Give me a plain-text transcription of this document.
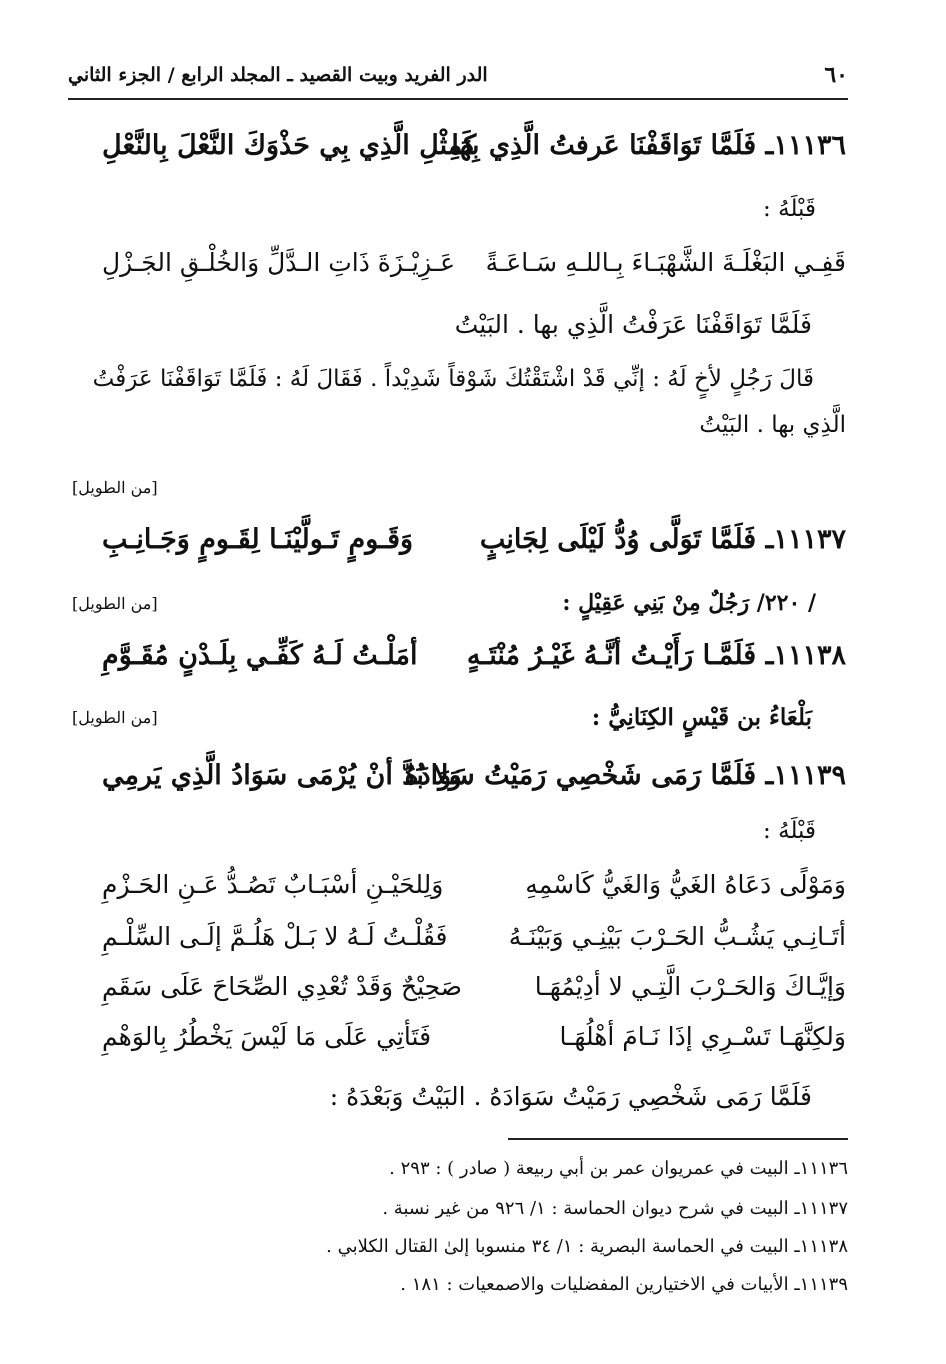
٦٠
الدر الفريد وبيت القصيد ـ المجلد الرابع / الجزء الثاني
١١١٣٦ـ فَلَمَّا تَوَاقَفْنَا عَرفتُ الَّذِي بِهَا
كَمِثْلِ الَّذِي بِي حَذْوَكَ النَّعْلَ بِالنَّعْلِ
قَبْلَهُ :
قَفِـي البَغْلَـةَ الشَّهْبَـاءَ بِـاللـهِ سَـاعَـةً
عَـزِيْـزَةَ ذَاتِ الـدَّلِّ وَالخُلْـقِ الجَـزْلِ
فَلَمَّا تَوَاقَفْنَا عَرَفْتُ الَّذِي بها . البَيْتُ
قَالَ رَجُلٍ لأخٍ لَهُ : إنِّي قَدْ اشْتَقْتُكَ شَوْقاً شَدِيْداً . فَقَالَ لَهُ : فَلَمَّا تَوَاقَفْنَا عَرَفْتُ
الَّذِي بها . البَيْتُ
[من الطويل]
١١١٣٧ـ فَلَمَّا تَوَلَّى وُدُّ لَيْلَى لِجَانِبٍ
وَقَـومٍ تَـولَّيْنَـا لِقَـومٍ وَجَـانِـبِ
/ ٢٢٠/ رَجُلٌ مِنْ بَنِي عَقِيْلٍ :
[من الطويل]
١١١٣٨ـ فَلَمَّـا رَأَيْـتُ أنَّـهُ غَيْـرُ مُنْتَـهٍ
أمَلْـتُ لَـهُ كَفِّـي بِلَـدْنٍ مُقَـوَّمِ
بَلْعَاءُ بن قَيْسٍ الكِنَانِيُّ :
[من الطويل]
١١١٣٩ـ فَلَمَّا رَمَى شَخْصِي رَمَيْتُ سَوَادَهُ
وَلا بُدَّ أنْ يُرْمَى سَوَادُ الَّذِي يَرمِي
قَبْلَهُ :
وَمَوْلًى دَعَاهُ الغَيُّ وَالغَيُّ كَاسْمِهِ
وَلِلحَيْـنِ أسْبَـابٌ تَصُـدُّ عَـنِ الحَـزْمِ
أتَـانِـي يَشُـبُّ الحَـرْبَ بَيْنِـي وَبَيْنَـهُ
فَقُلْـتُ لَـهُ لا بَـلْ هَلُـمَّ إلَـى السِّلْـمِ
وَإيَّـاكَ وَالحَـرْبَ الَّتِـي لا أدِيْمُهَـا
صَحِيْحٌ وَقَدْ تُعْدِي الصِّحَاحَ عَلَى سَقَمِ
وَلكِنَّهَـا تَسْـرِي إذَا نَـامَ أهْلُهَـا
فَتَأتِي عَلَى مَا لَيْسَ يَخْطُرُ بِالوَهْمِ
فَلَمَّا رَمَى شَخْصِي رَمَيْتُ سَوَادَهُ . البَيْتُ وَبَعْدَهُ :
١١١٣٦ـ البيت في عمريوان عمر بن أبي ربيعة ( صادر ) : ٢٩٣ .
١١١٣٧ـ البيت في شرح ديوان الحماسة : ١/ ٩٢٦ من غير نسبة .
١١١٣٨ـ البيت في الحماسة البصرية : ١/ ٣٤ منسوبا إلىٰ القتال الكلابي .
١١١٣٩ـ الأبيات في الاختيارين المفضليات والاصمعيات : ١٨١ .
